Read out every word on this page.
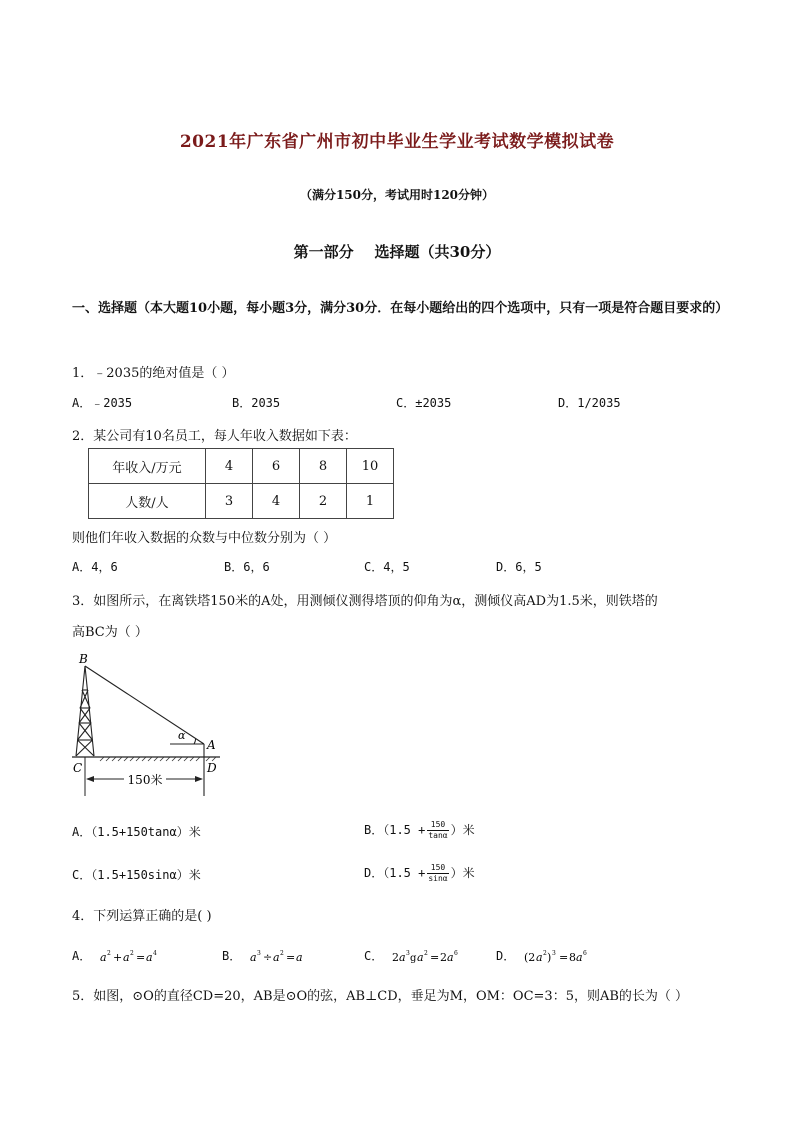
2021年广东省广州市初中毕业生学业考试数学模拟试卷
（满分150分，考试用时120分钟）
第一部分    选择题（共30分）
一、选择题（本大题10小题，每小题3分，满分30分．在每小题给出的四个选项中，只有一项是符合题目要求的）
1．﹣2035的绝对值是（ ）
A．﹣2035	B．2035	C．±2035	D．1/2035
2．某公司有10名员工，每人年收入数据如下表：
年收入/万元	4	6	8	10
人数/人	3	4	2	1
则他们年收入数据的众数与中位数分别为（ ）
A．4，6	B．6，6	C．4，5	D．6，5
3．如图所示，在离铁塔150米的A处，用测倾仪测得塔顶的仰角为α，测倾仪高AD为1.5米，则铁塔的
高BC为（ ）
150米
B
A
C	D
α
A．（1.5+150tanα）米	B．（$1.5 + \frac{150}{\tan\alpha}$ ）米
C．（1.5+150sinα）米	D．（$1.5 + \frac{150}{\sin\alpha}$ ）米
4．下列运算正确的是( )
A． a 2 + a 2 = a 4	B． a 3 ÷ a 2 = a	C． 2 a 3 g a 2 = 2 a 6	D． (2 a 2 ) 3 = 8 a 6
5．如图，⊙O的直径CD=20，AB是⊙O的弦，AB⊥CD，垂足为M，OM：OC=3：5，则AB的长为（ ）
